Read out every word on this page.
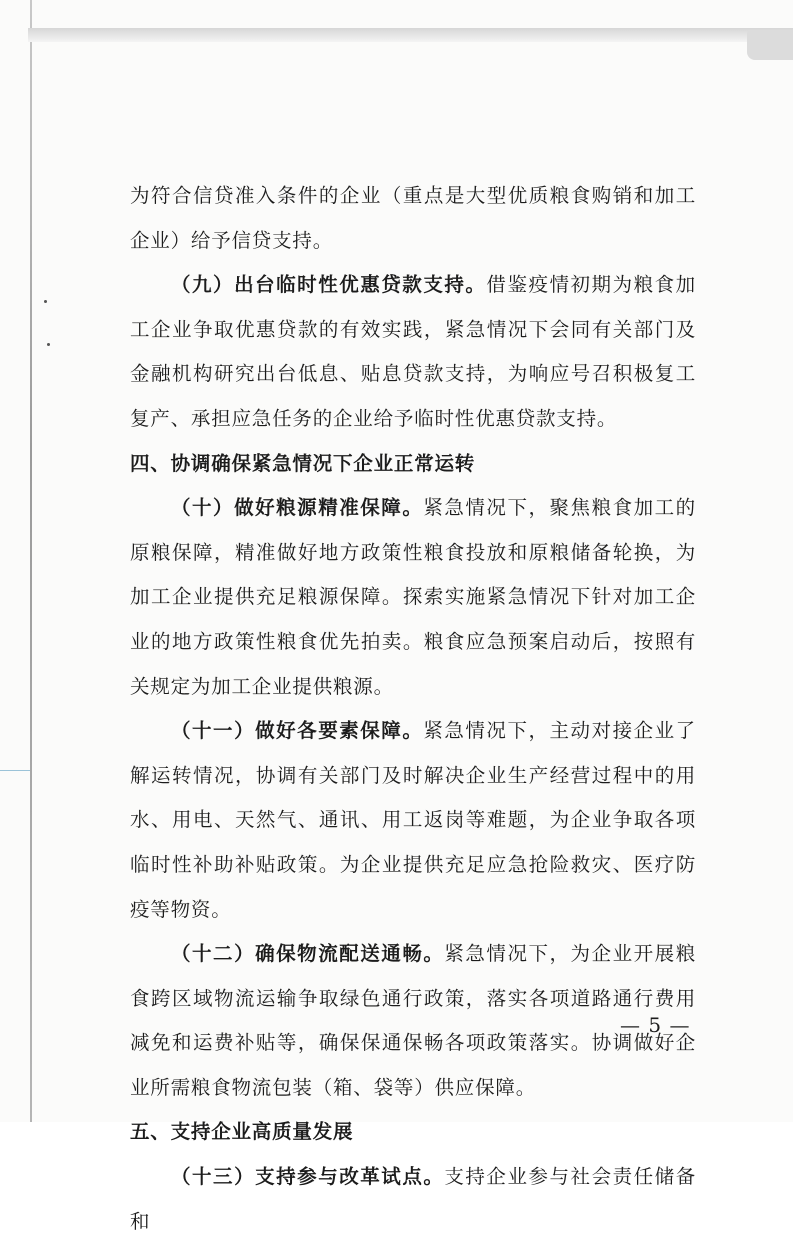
为符合信贷准入条件的企业（重点是大型优质粮食购销和加工企业）给予信贷支持。

（九）出台临时性优惠贷款支持。借鉴疫情初期为粮食加工企业争取优惠贷款的有效实践，紧急情况下会同有关部门及金融机构研究出台低息、贴息贷款支持，为响应号召积极复工复产、承担应急任务的企业给予临时性优惠贷款支持。

四、协调确保紧急情况下企业正常运转

（十）做好粮源精准保障。紧急情况下，聚焦粮食加工的原粮保障，精准做好地方政策性粮食投放和原粮储备轮换，为加工企业提供充足粮源保障。探索实施紧急情况下针对加工企业的地方政策性粮食优先拍卖。粮食应急预案启动后，按照有关规定为加工企业提供粮源。

（十一）做好各要素保障。紧急情况下，主动对接企业了解运转情况，协调有关部门及时解决企业生产经营过程中的用水、用电、天然气、通讯、用工返岗等难题，为企业争取各项临时性补助补贴政策。为企业提供充足应急抢险救灾、医疗防疫等物资。

（十二）确保物流配送通畅。紧急情况下，为企业开展粮食跨区域物流运输争取绿色通行政策，落实各项道路通行费用减免和运费补贴等，确保保通保畅各项政策落实。协调做好企业所需粮食物流包装（箱、袋等）供应保障。

五、支持企业高质量发展

（十三）支持参与改革试点。支持企业参与社会责任储备和

— 5 —
